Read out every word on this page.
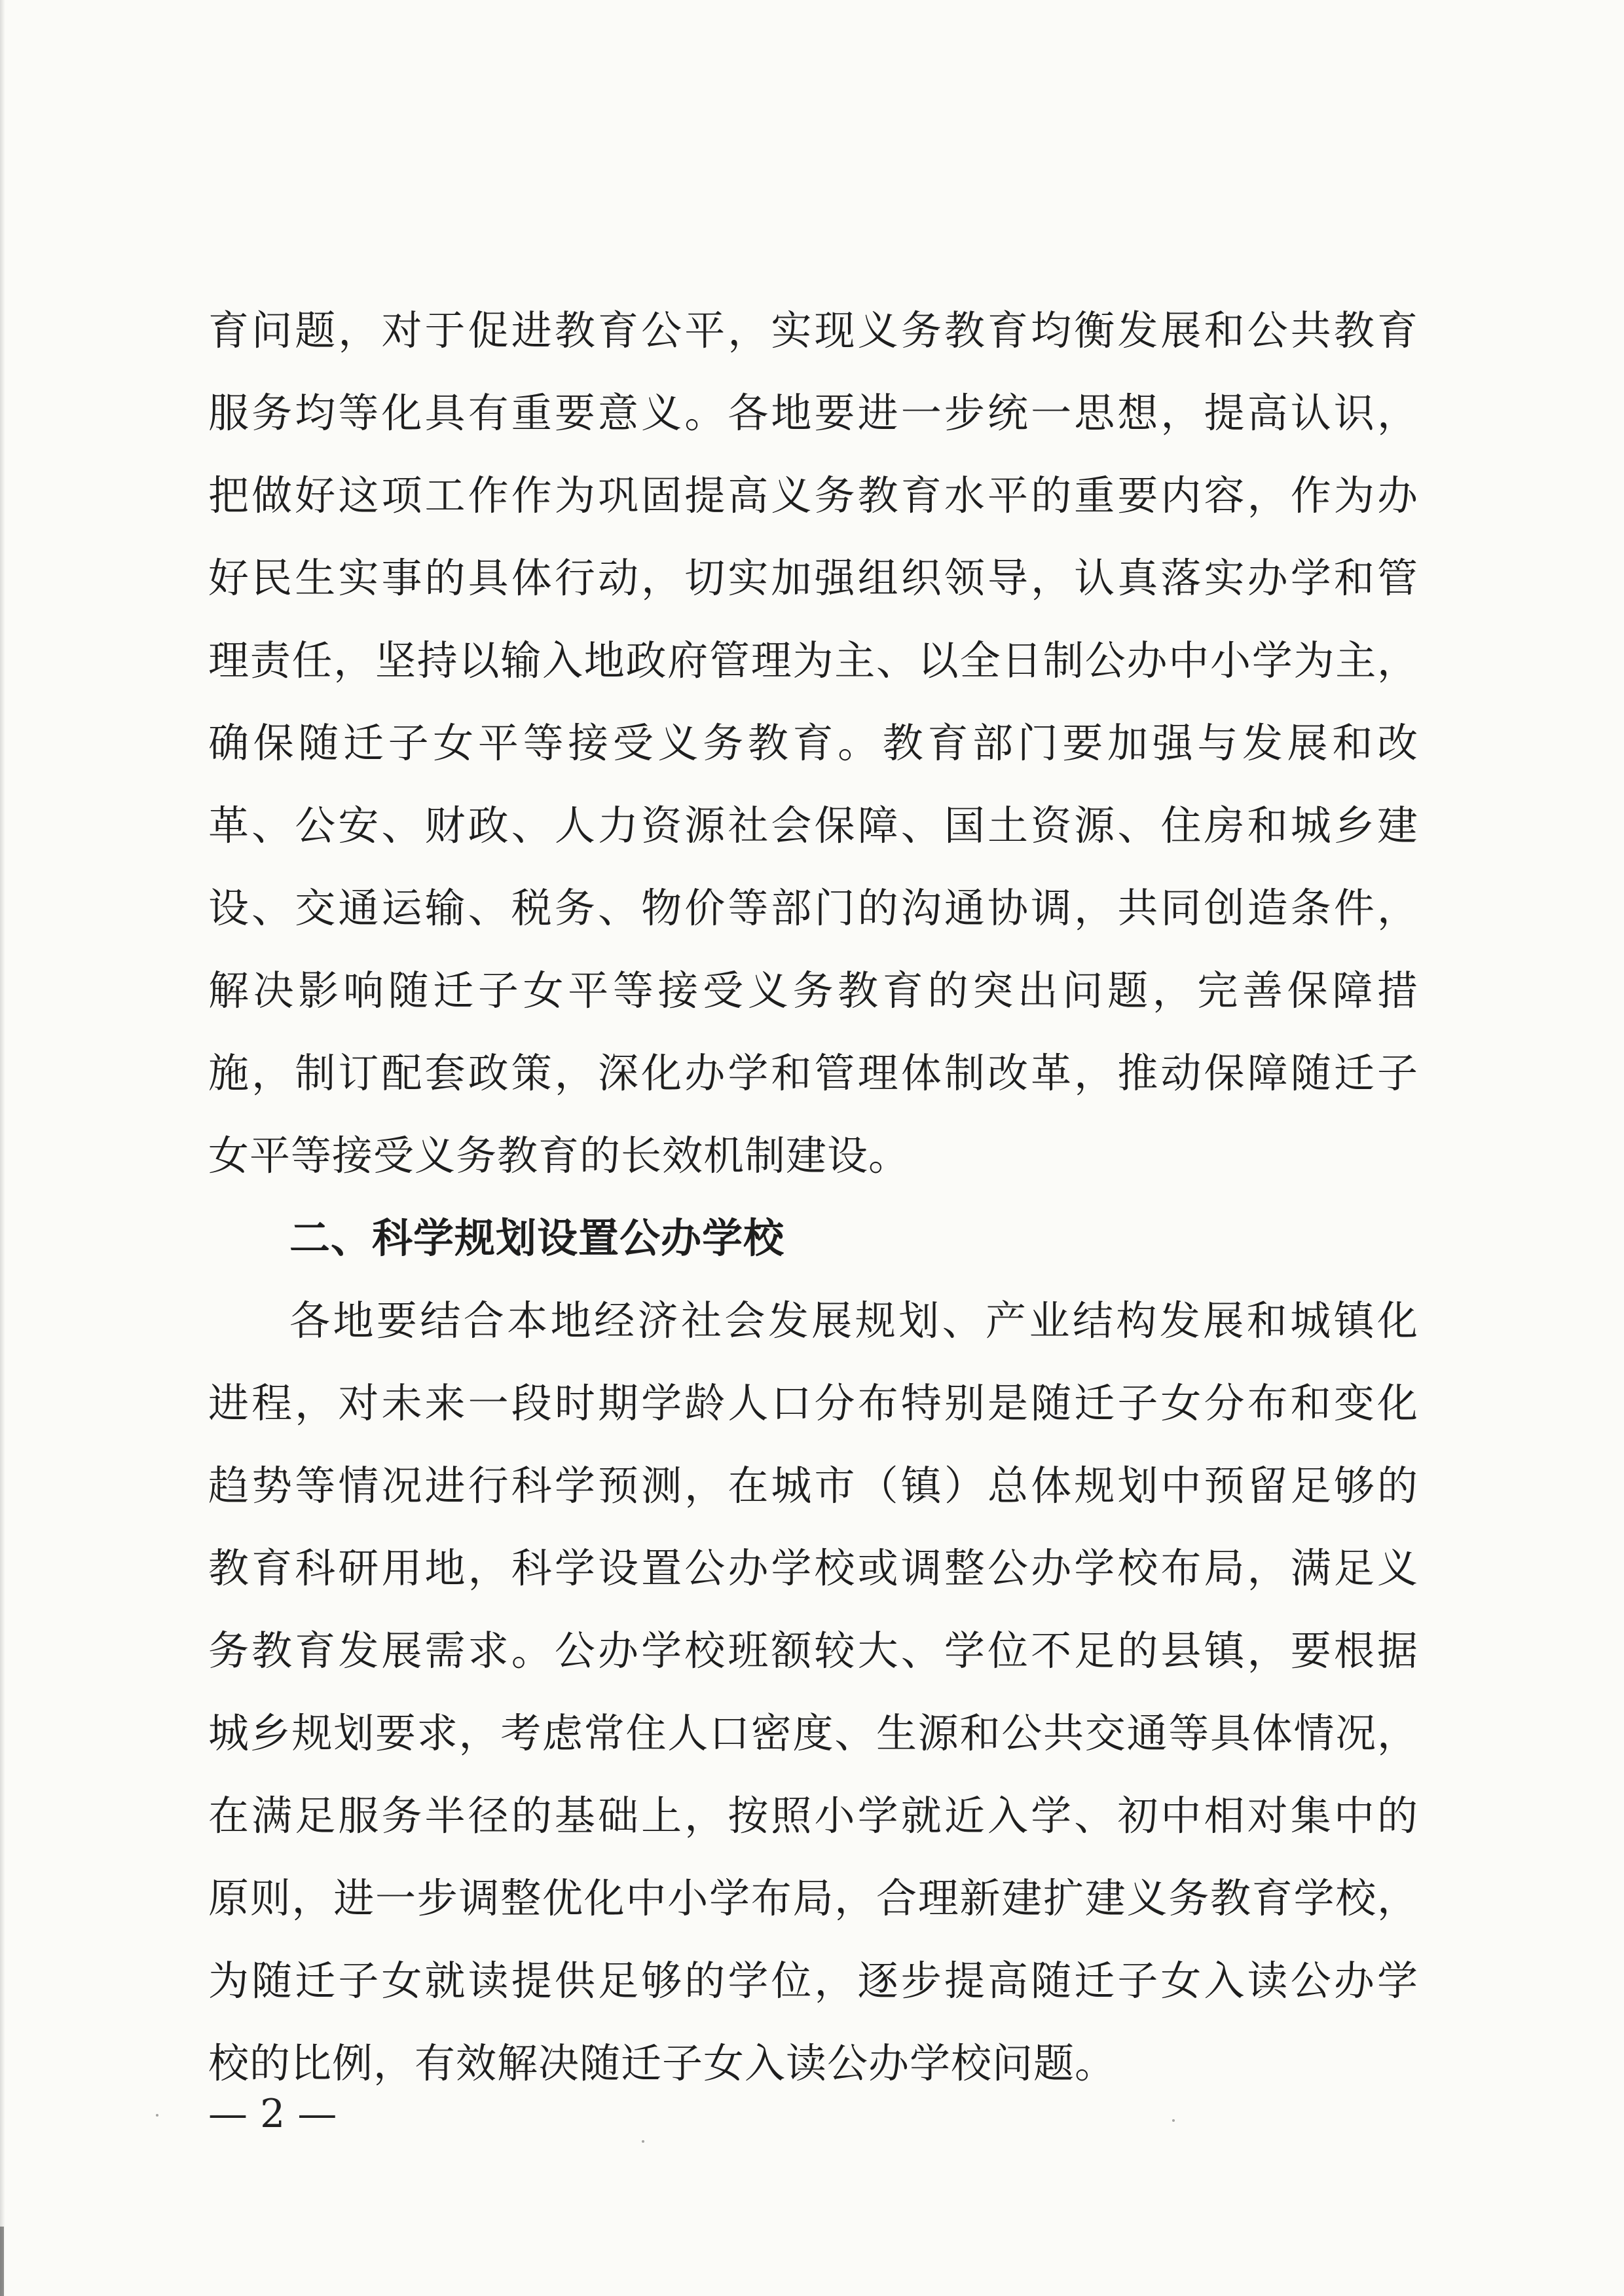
育问题，对于促进教育公平，实现义务教育均衡发展和公共教育
服务均等化具有重要意义。各地要进一步统一思想，提高认识，
把做好这项工作作为巩固提高义务教育水平的重要内容，作为办
好民生实事的具体行动，切实加强组织领导，认真落实办学和管
理责任，坚持以输入地政府管理为主、以全日制公办中小学为主，
确保随迁子女平等接受义务教育。教育部门要加强与发展和改
革、公安、财政、人力资源社会保障、国土资源、住房和城乡建
设、交通运输、税务、物价等部门的沟通协调，共同创造条件，
解决影响随迁子女平等接受义务教育的突出问题，完善保障措
施，制订配套政策，深化办学和管理体制改革，推动保障随迁子
女平等接受义务教育的长效机制建设。
二、科学规划设置公办学校
各地要结合本地经济社会发展规划、产业结构发展和城镇化
进程，对未来一段时期学龄人口分布特别是随迁子女分布和变化
趋势等情况进行科学预测，在城市（镇）总体规划中预留足够的
教育科研用地，科学设置公办学校或调整公办学校布局，满足义
务教育发展需求。公办学校班额较大、学位不足的县镇，要根据
城乡规划要求，考虑常住人口密度、生源和公共交通等具体情况，
在满足服务半径的基础上，按照小学就近入学、初中相对集中的
原则，进一步调整优化中小学布局，合理新建扩建义务教育学校，
为随迁子女就读提供足够的学位，逐步提高随迁子女入读公办学
校的比例，有效解决随迁子女入读公办学校问题。
— 2 —
